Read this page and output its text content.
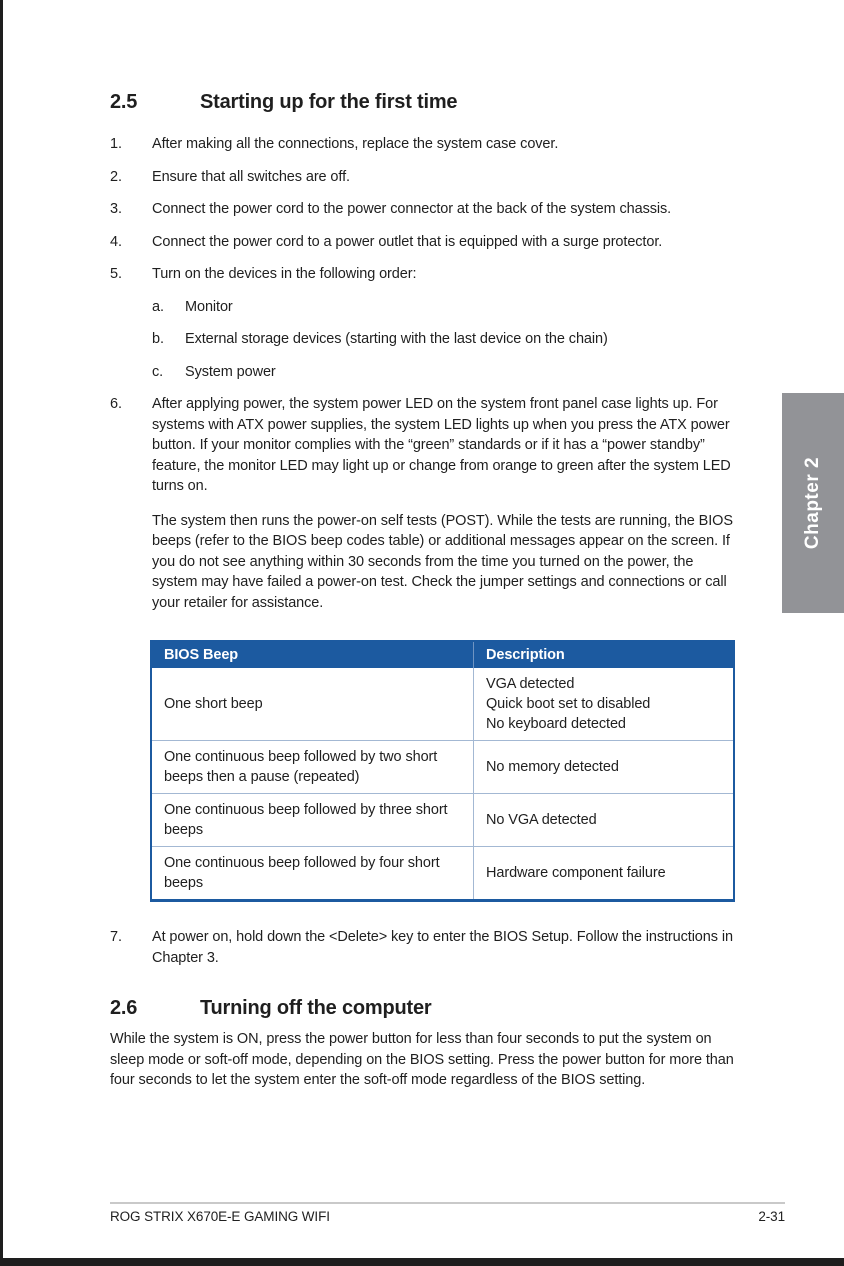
Chapter 2
2.5	Starting up for the first time
1.	After making all the connections, replace the system case cover.
2.	Ensure that all switches are off.
3.	Connect the power cord to the power connector at the back of the system chassis.
4.	Connect the power cord to a power outlet that is equipped with a surge protector.
5.	Turn on the devices in the following order:
a.	Monitor
b.	External storage devices (starting with the last device on the chain)
c.	System power
6.	After applying power, the system power LED on the system front panel case lights up. For systems with ATX power supplies, the system LED lights up when you press the ATX power button. If your monitor complies with the “green” standards or if it has a “power standby” feature, the monitor LED may light up or change from orange to green after the system LED turns on.

The system then runs the power-on self tests (POST). While the tests are running, the BIOS beeps (refer to the BIOS beep codes table) or additional messages appear on the screen. If you do not see anything within 30 seconds from the time you turned on the power, the system may have failed a power-on test. Check the jumper settings and connections or call your retailer for assistance.

BIOS Beep	Description
One short beep	VGA detected
Quick boot set to disabled
No keyboard detected

One continuous beep followed by two short beeps then a pause (repeated)	No memory detected
One continuous beep followed by three short beeps	No VGA detected
One continuous beep followed by four short beeps	Hardware component failure
7.	At power on, hold down the <Delete> key to enter the BIOS Setup. Follow the instructions in Chapter 3.
2.6	Turning off the computer

While the system is ON, press the power button for less than four seconds to put the system on sleep mode or soft-off mode, depending on the BIOS setting. Press the power button for more than four seconds to let the system enter the soft-off mode regardless of the BIOS setting.

ROG STRIX X670E-E GAMING WIFI	2-31
